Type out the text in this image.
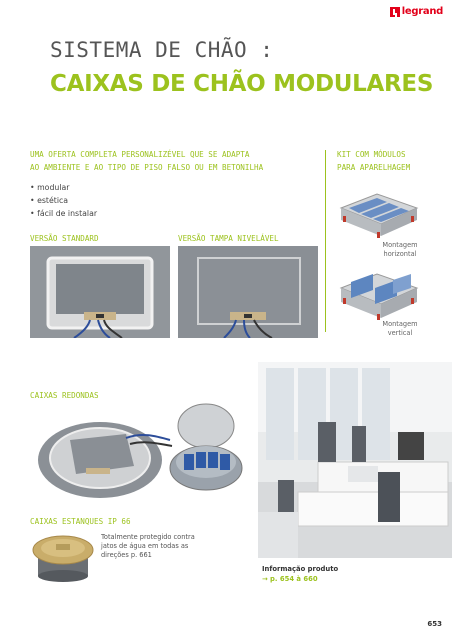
legrand
SISTEMA DE CHÃO :
CAIXAS DE CHÃO MODULARES
UMA OFERTA COMPLETA PERSONALIZÉVEL QUE SE ADAPTA
AO AMBIENTE E AO TIPO DE PISO FALSO OU EM BETONILHA
KIT COM MÓDULOS
PARA APARELHAGEM
• modular
• estética
• fácil de instalar
VERSÃO STANDARD	VERSÃO TAMPA NIVELÁVEL
Montagem
horizontal
Montagem
vertical
CAIXAS REDONDAS
CAIXAS ESTANQUES IP 66
Totalmente protegido contra
jatos de água em todas as
direções p. 661
Informação produto
→ p. 654 à 660
653
